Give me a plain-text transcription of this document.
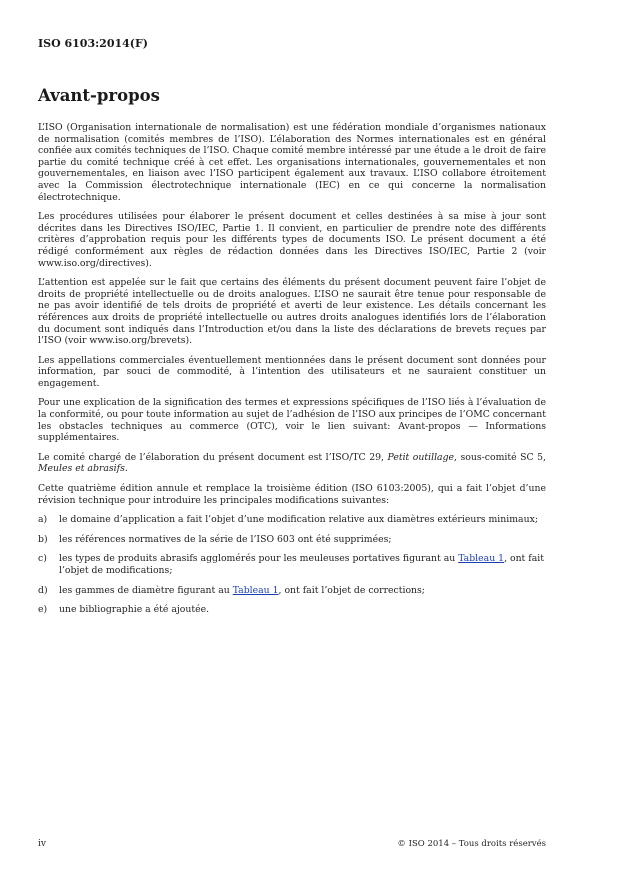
ISO 6103:2014(F)
Avant-propos

L’ISO (Organisation internationale de normalisation) est une fédération mondiale d’organismes nationaux de normalisation (comités membres de l’ISO). L’élaboration des Normes internationales est en général confiée aux comités techniques de l’ISO. Chaque comité membre intéressé par une étude a le droit de faire partie du comité technique créé à cet effet. Les organisations internationales, gouvernementales et non gouvernementales, en liaison avec l’ISO participent également aux travaux. L’ISO collabore étroitement avec la Commission électrotechnique internationale (IEC) en ce qui concerne la normalisation électrotechnique.

Les procédures utilisées pour élaborer le présent document et celles destinées à sa mise à jour sont décrites dans les Directives ISO/IEC, Partie 1. Il convient, en particulier de prendre note des différents critères d’approbation requis pour les différents types de documents ISO. Le présent document a été rédigé conformément aux règles de rédaction données dans les Directives ISO/IEC, Partie 2 (voir www.iso.org/directives).

L’attention est appelée sur le fait que certains des éléments du présent document peuvent faire l’objet de droits de propriété intellectuelle ou de droits analogues. L’ISO ne saurait être tenue pour responsable de ne pas avoir identifié de tels droits de propriété et averti de leur existence. Les détails concernant les références aux droits de propriété intellectuelle ou autres droits analogues identifiés lors de l’élaboration du document sont indiqués dans l’Introduction et/ou dans la liste des déclarations de brevets reçues par l’ISO (voir www.iso.org/brevets).

Les appellations commerciales éventuellement mentionnées dans le présent document sont données pour information, par souci de commodité, à l’intention des utilisateurs et ne sauraient constituer un engagement.

Pour une explication de la signification des termes et expressions spécifiques de l’ISO liés à l’évaluation de la conformité, ou pour toute information au sujet de l’adhésion de l’ISO aux principes de l’OMC concernant les obstacles techniques au commerce (OTC), voir le lien suivant: Avant-propos — Informations supplémentaires.

Le comité chargé de l’élaboration du présent document est l’ISO/TC 29, Petit outillage, sous-comité SC 5, Meules et abrasifs.

Cette quatrième édition annule et remplace la troisième édition (ISO 6103:2005), qui a fait l’objet d’une révision technique pour introduire les principales modifications suivantes:

a) le domaine d’application a fait l’objet d’une modification relative aux diamètres extérieurs minimaux;
b) les références normatives de la série de l’ISO 603 ont été supprimées;
c) les types de produits abrasifs agglomérés pour les meuleuses portatives figurant au Tableau 1, ont fait l’objet de modifications;
d) les gammes de diamètre figurant au Tableau 1, ont fait l’objet de corrections;
e) une bibliographie a été ajoutée.
iv	© ISO 2014 – Tous droits réservés
